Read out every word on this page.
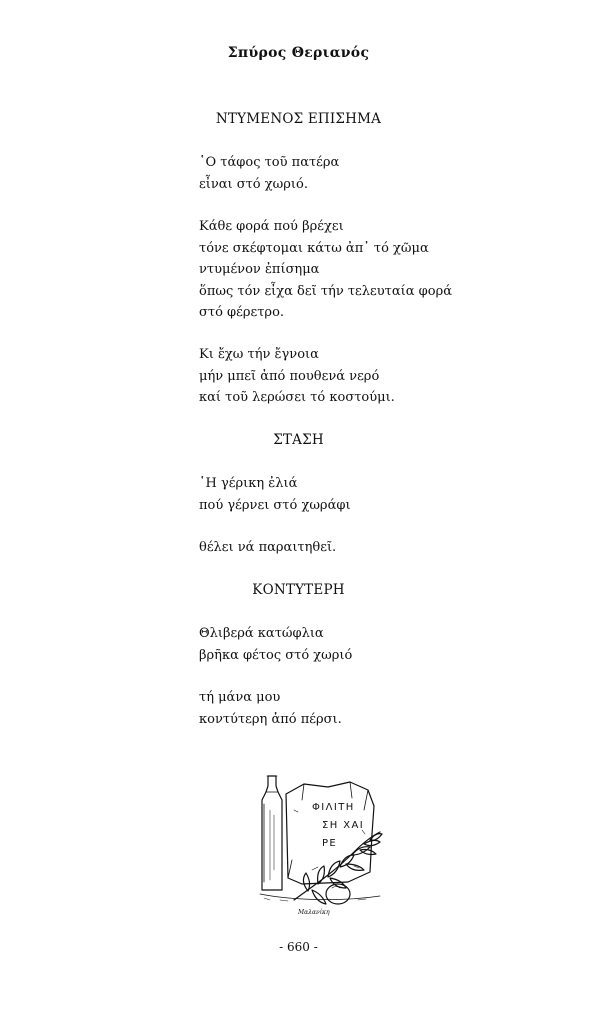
Σπύρος Θεριανός
ΝΤΥΜΕΝΟΣ ΕΠΙΣΗΜΑ
῾Ο τάφος τοῦ πατέρα
εἶναι στό χωριό.
Κάθε φορά πού βρέχει
τόνε σκέφτομαι κάτω ἀπ᾽ τό χῶμα
ντυμένον ἐπίσημα
ὅπως τόν εἶχα δεῖ τήν τελευταία φορά
στό φέρετρο.
Κι ἔχω τήν ἔγνοια
μήν μπεῖ ἀπό πουθενά νερό
καί τοῦ λερώσει τό κοστούμι.
ΣΤΑΣΗ
῾Η γέρικη ἐλιά
πού γέρνει στό χωράφι
θέλει νά παραιτηθεῖ.
ΚΟΝΤΥΤΕΡΗ
Θλιβερά κατώφλια
βρῆκα φέτος στό χωριό
τή μάνα μου
κοντύτερη ἀπό πέρσι.
ΦΙΛΙΤΗ
ΣΗ ΧΑΙ
ΡΕ
Μαλανίκη
- 660 -
